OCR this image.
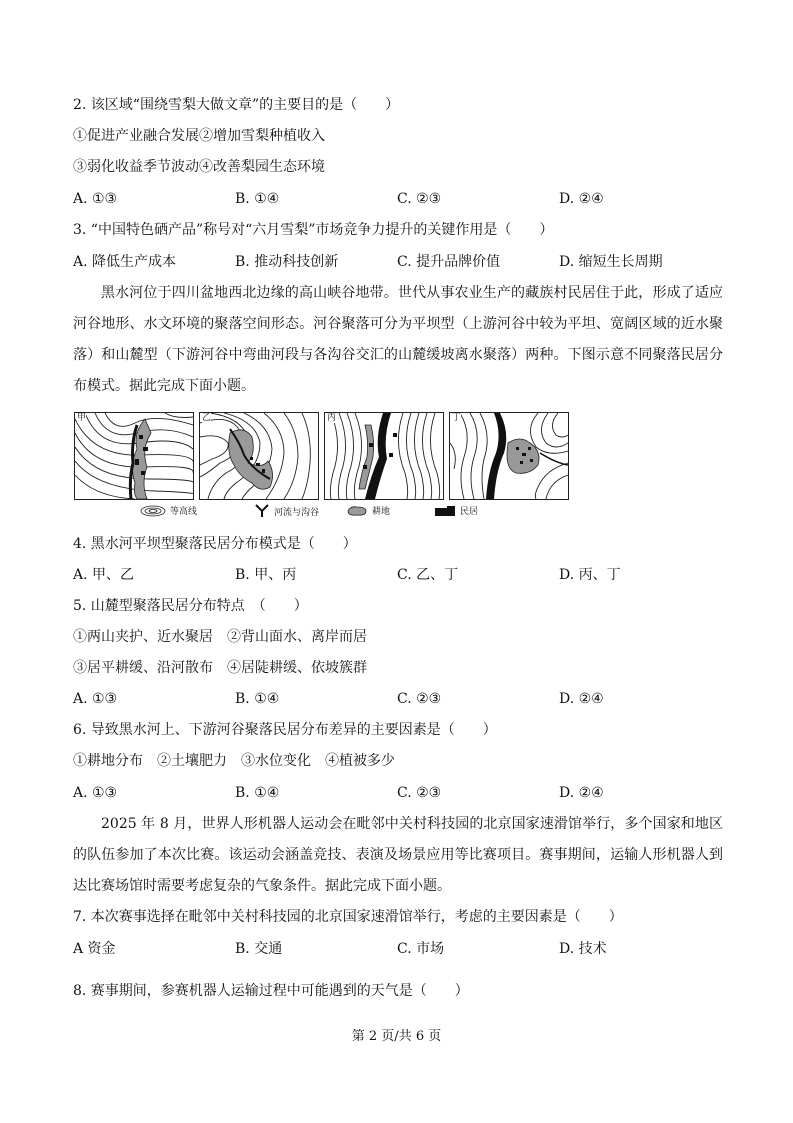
2. 该区域“围绕雪梨大做文章”的主要目的是（　　）
①促进产业融合发展②增加雪梨种植收入
③弱化收益季节波动④改善梨园生态环境
A. ①③	B. ①④	C. ②③	D. ②④
3. “中国特色硒产品”称号对“六月雪梨”市场竞争力提升的关键作用是（　　）
A. 降低生产成本	B. 推动科技创新	C. 提升品牌价值	D. 缩短生长周期
黑水河位于四川盆地西北边缘的高山峡谷地带。世代从事农业生产的藏族村民居住于此，形成了适应河谷地形、水文环境的聚落空间形态。河谷聚落可分为平坝型（上游河谷中较为平坦、宽阔区域的近水聚落）和山麓型（下游河谷中弯曲河段与各沟谷交汇的山麓缓坡离水聚落）两种。下图示意不同聚落民居分布模式。据此完成下面小题。
甲	乙	丙	丁
等高线	河流与沟谷	耕地	民居
4. 黑水河平坝型聚落民居分布模式是（　　）
A. 甲、乙	B. 甲、丙	C. 乙、丁	D. 丙、丁
5. 山麓型聚落民居分布特点　（　　）
①两山夹护、近水聚居　②背山面水、离岸而居
③居平耕缓、沿河散布　④居陡耕缓、依坡簇群
A. ①③	B. ①④	C. ②③	D. ②④
6. 导致黑水河上、下游河谷聚落民居分布差异的主要因素是（　　）
①耕地分布　②土壤肥力　③水位变化　④植被多少
A. ①③	B. ①④	C. ②③	D. ②④
2025 年 8 月，世界人形机器人运动会在毗邻中关村科技园的北京国家速滑馆举行，多个国家和地区的队伍参加了本次比赛。该运动会涵盖竞技、表演及场景应用等比赛项目。赛事期间，运输人形机器人到达比赛场馆时需要考虑复杂的气象条件。据此完成下面小题。
7. 本次赛事选择在毗邻中关村科技园的北京国家速滑馆举行，考虑的主要因素是（　　）
A 资金	B. 交通	C. 市场	D. 技术
8. 赛事期间，参赛机器人运输过程中可能遇到的天气是（　　）
第 2 页/共 6 页
